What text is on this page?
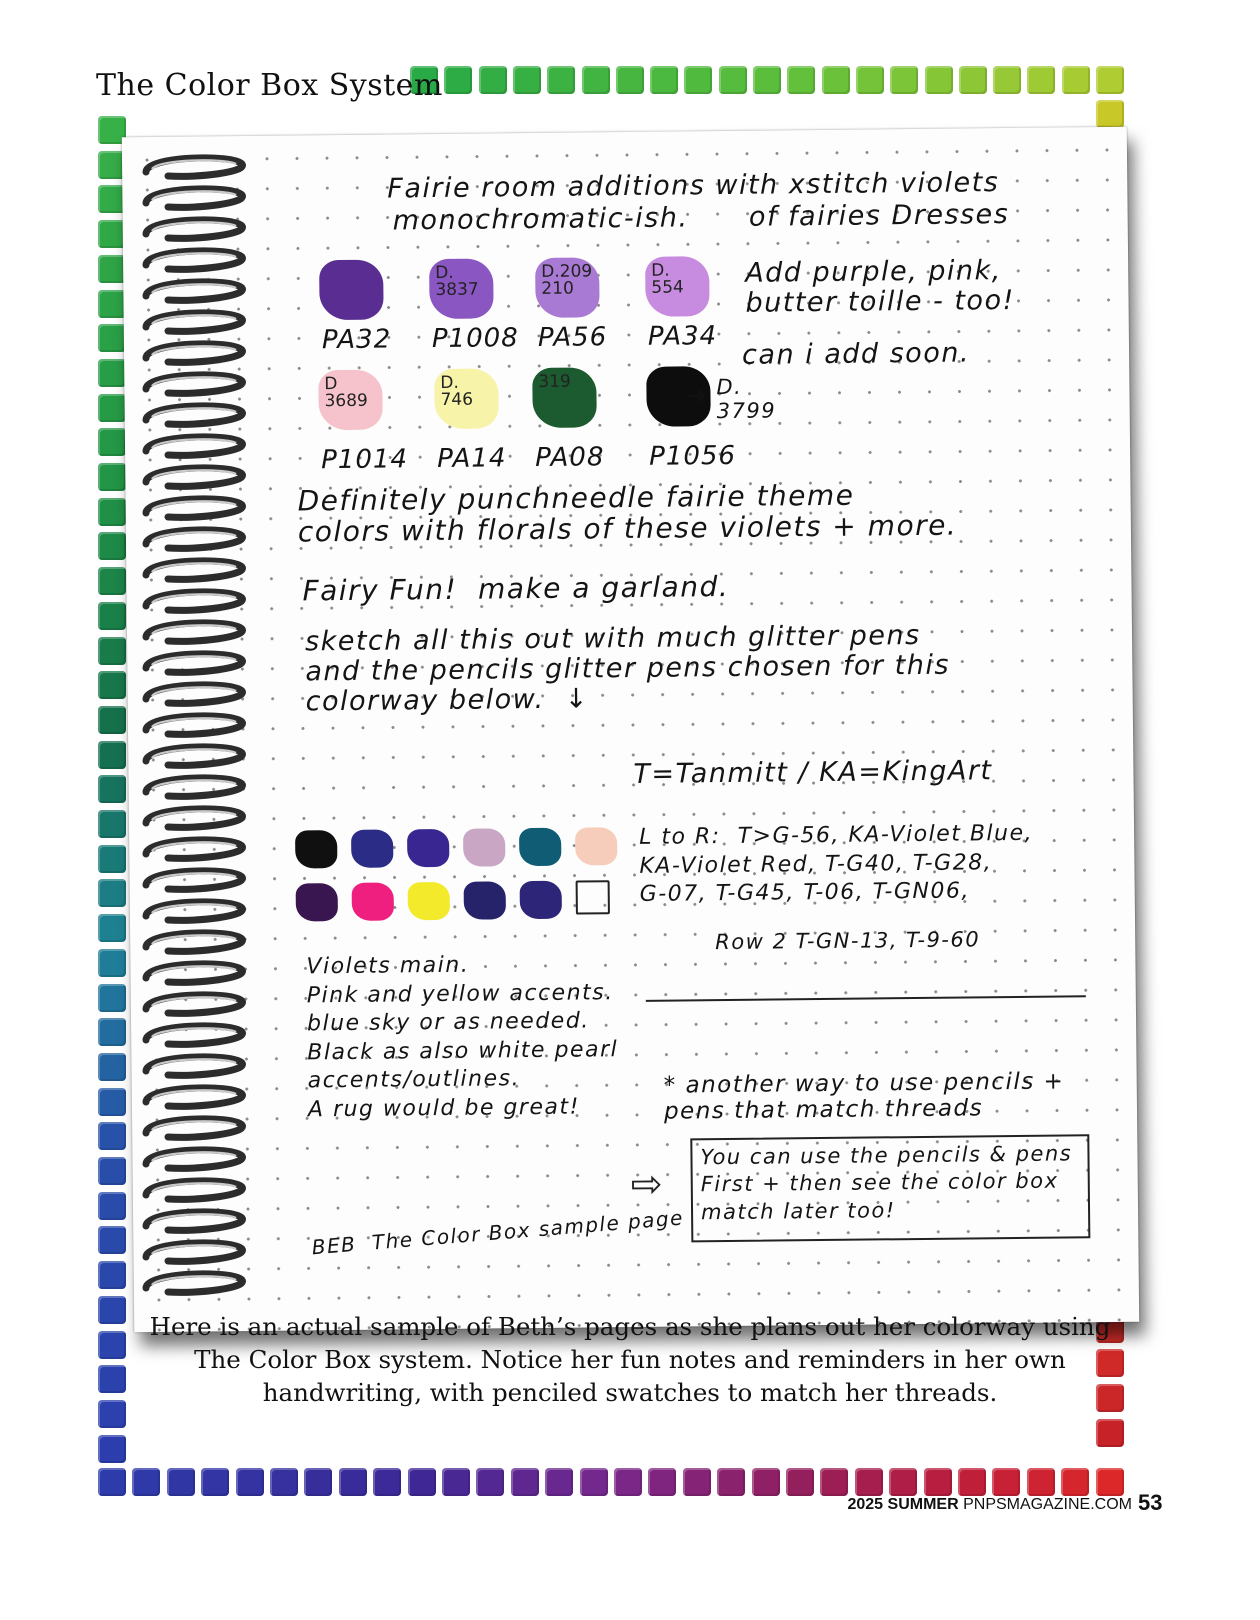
The Color Box System
Fairie room additions with xstitch violets
monochromatic-ish.      of fairies Dresses
PA32
D.
3837
P1008
D.209
210
PA56
D.
554
PA34
D
3689
P1014
D.
746
PA14
319
PA08 P1056
D.
3799
➜
Add purple, pink,
butter toille - too!
can i add soon.
Definitely punchneedle fairie theme
colors with florals of these violets + more.
Fairy Fun!  make a garland.
sketch all this out with much glitter pens
and the pencils glitter pens chosen for this
colorway below.  ↓
T=Tanmitt / KA=KingArt
L to R:  T>G-56, KA-Violet Blue,
KA-Violet Red, T-G40, T-G28,
G-07, T-G45, T-06, T-GN06,
Row 2 T-GN-13, T-9-60
Violets main.
Pink and yellow accents.
blue sky or as needed.
Black as also white pearl
accents/outlines.
A rug would be great!
* another way to use pencils +
pens that match threads
You can use the pencils & pens
First + then see the color box
match later too!
⇨
BEB  The Color Box sample page
Here is an actual sample of Beth’s pages as she plans out her colorway using The Color Box system. Notice her fun notes and reminders in her own handwriting, with penciled swatches to match her threads.
2025 SUMMER PNPSMAGAZINE.COM 53
